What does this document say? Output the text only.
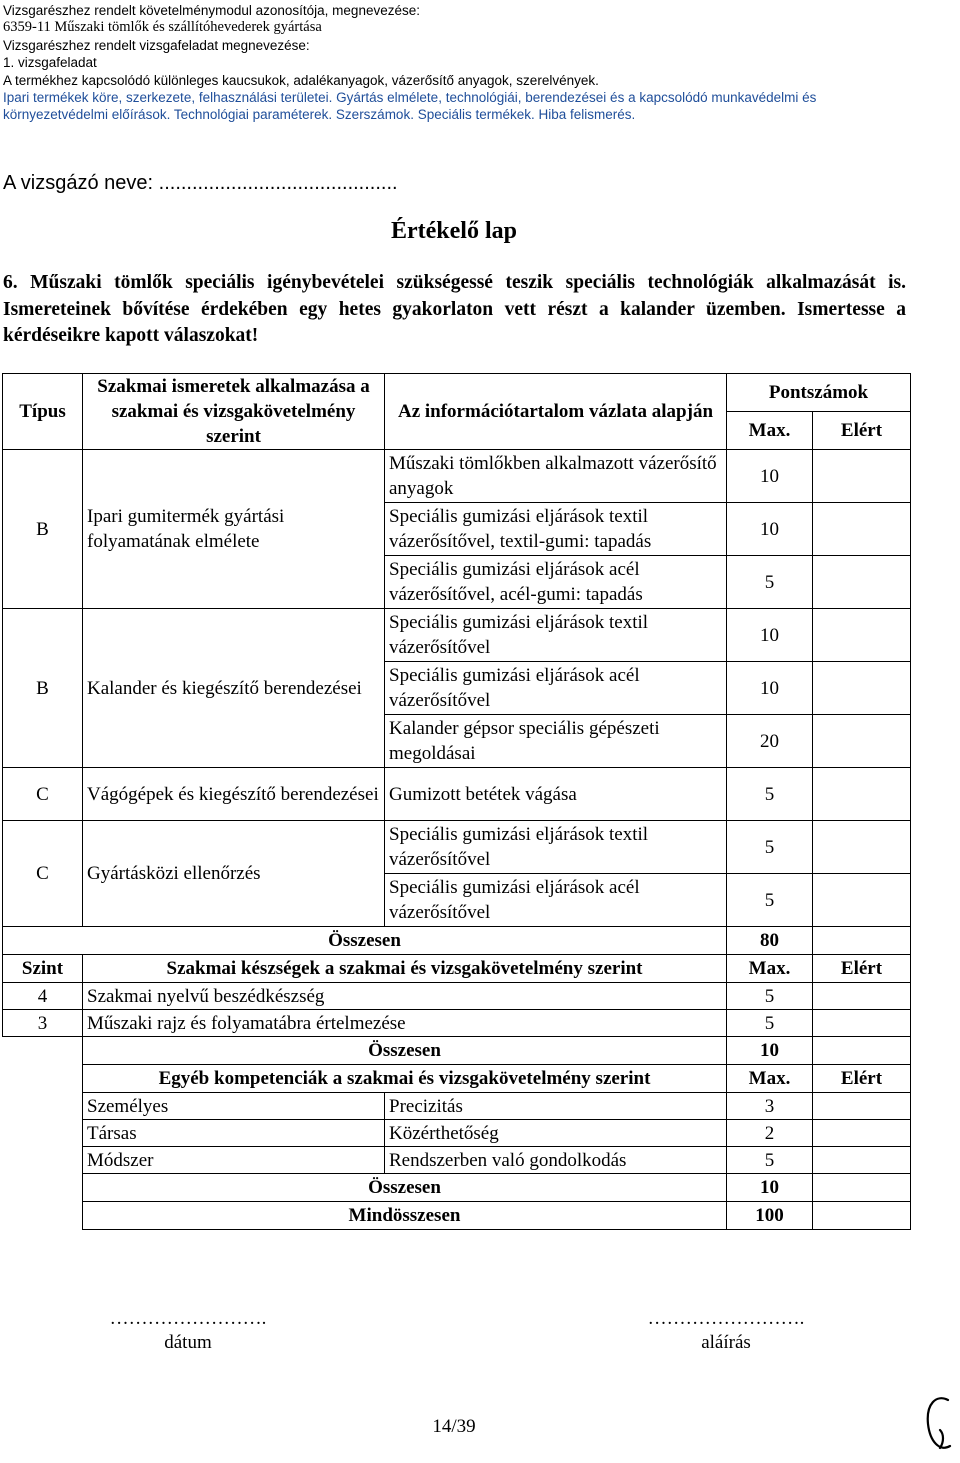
Vizsgarészhez rendelt követelménymodul azonosítója, megnevezése:
6359-11 Műszaki tömlők és szállítóhevederek gyártása
Vizsgarészhez rendelt vizsgafeladat megnevezése:
1. vizsgafeladat
A termékhez kapcsolódó különleges kaucsukok, adalékanyagok, vázerősítő anyagok, szerelvények.
Ipari termékek köre, szerkezete, felhasználási területei. Gyártás elmélete, technológiái, berendezései és a kapcsolódó munkavédelmi és
környezetvédelmi előírások. Technológiai paraméterek. Szerszámok. Speciális termékek. Hiba felismerés.
A vizsgázó neve: ...........................................
Értékelő lap
6. Műszaki tömlők speciális igénybevételei szükségessé teszik speciális technológiák alkalmazását is. Ismereteinek bővítése érdekében egy hetes gyakorlaton vett részt a kalander üzemben. Ismertesse a kérdéseikre kapott válaszokat!
Típus	Szakmai ismeretek alkalmazása a szakmai és vizsgakövetelmény szerint	Az információtartalom vázlata alapján	Pontszámok	
			Max.	Elért
B	Ipari gumitermék gyártási folyamatának elmélete	Műszaki tömlőkben alkalmazott vázerősítő anyagok	10	
		Speciális gumizási eljárások textil vázerősítővel, textil-gumi: tapadás	10	
		Speciális gumizási eljárások acél vázerősítővel, acél-gumi: tapadás	5	
B	Kalander és kiegészítő berendezései	Speciális gumizási eljárások textil vázerősítővel	10	
		Speciális gumizási eljárások acél vázerősítővel	10	
		Kalander gépsor speciális gépészeti megoldásai	20	
C	Vágógépek és kiegészítő berendezései	Gumizott betétek vágása	5	
C	Gyártásközi ellenőrzés	Speciális gumizási eljárások textil vázerősítővel	5	
		Speciális gumizási eljárások acél vázerősítővel	5	
Összesen			80	
Szint	Szakmai készségek a szakmai és vizsgakövetelmény szerint		Max.	Elért
4	Szakmai nyelvű beszédkészség		5	
3	Műszaki rajz és folyamatábra értelmezése		5	
	Összesen		10	
	Egyéb kompetenciák a szakmai és vizsgakövetelmény szerint		Max.	Elért
	Személyes	Precizitás	3	
	Társas	Közérthetőség	2	
	Módszer	Rendszerben való gondolkodás	5	
	Összesen		10	
	Mindösszesen		100	
…………………….
dátum
…………………….
aláírás
14/39
